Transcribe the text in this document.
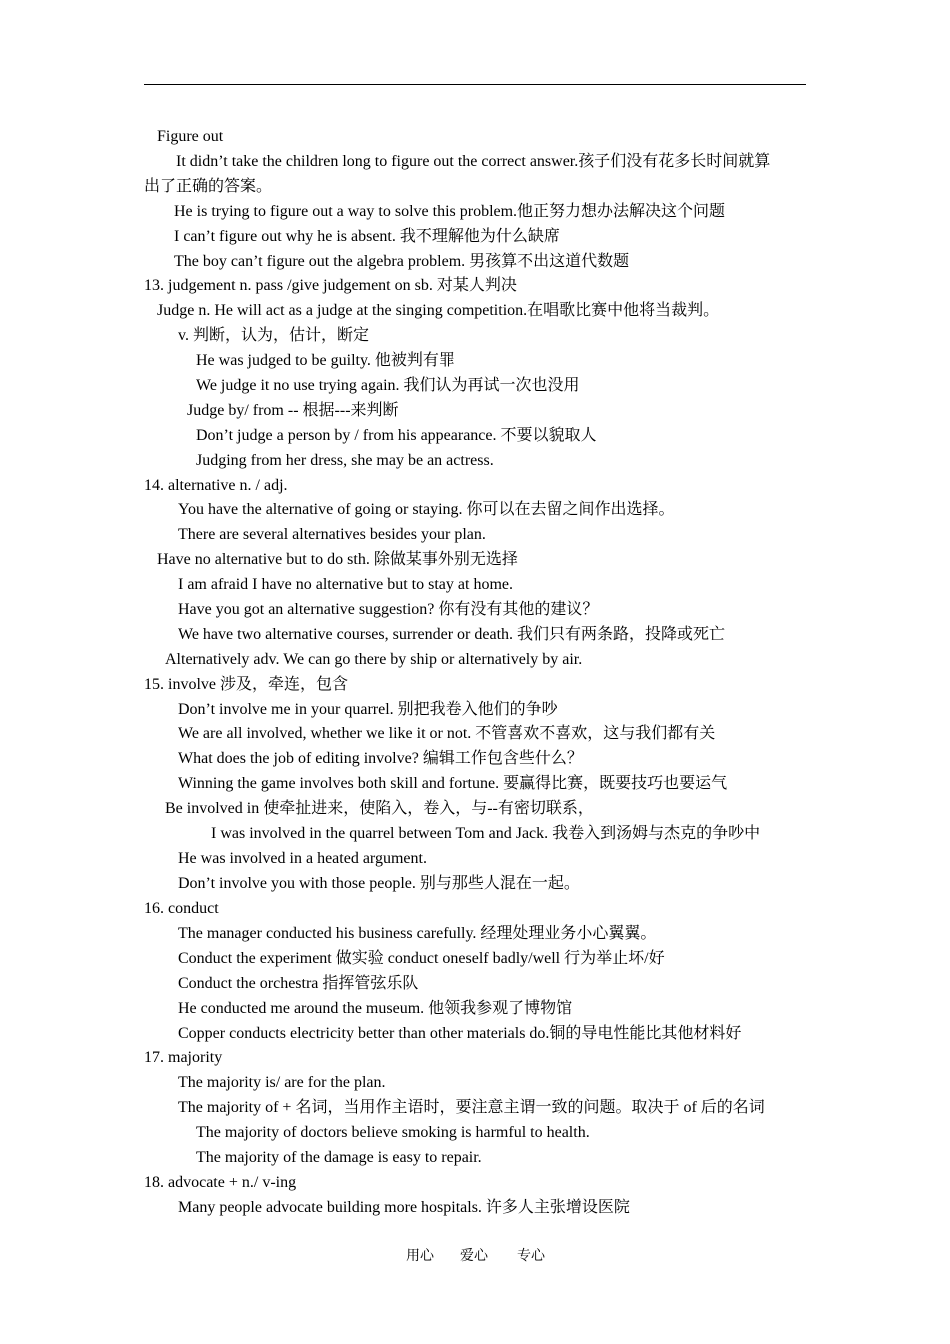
Figure out
It didn’t take the children long to figure out the correct answer.孩子们没有花多长时间就算
出了正确的答案。
He is trying to figure out a way to solve this problem.他正努力想办法解决这个问题
I can’t figure out why he is absent. 我不理解他为什么缺席
The boy can’t figure out the algebra problem. 男孩算不出这道代数题
13. judgement n. pass /give judgement on sb. 对某人判决
Judge n. He will act as a judge at the singing competition.在唱歌比赛中他将当裁判。
v. 判断，认为，估计，断定
He was judged to be guilty. 他被判有罪
We judge it no use trying again. 我们认为再试一次也没用
Judge by/ from -- 根据---来判断
Don’t judge a person by / from his appearance. 不要以貌取人
Judging from her dress, she may be an actress.
14. alternative n. / adj.
You have the alternative of going or staying. 你可以在去留之间作出选择。
There are several alternatives besides your plan.
Have no alternative but to do sth. 除做某事外别无选择
I am afraid I have no alternative but to stay at home.
Have you got an alternative suggestion? 你有没有其他的建议？
We have two alternative courses, surrender or death. 我们只有两条路，投降或死亡
Alternatively adv. We can go there by ship or alternatively by air.
15. involve 涉及，牵连，包含
Don’t involve me in your quarrel. 别把我卷入他们的争吵
We are all involved, whether we like it or not. 不管喜欢不喜欢，这与我们都有关
What does the job of editing involve? 编辑工作包含些什么？
Winning the game involves both skill and fortune. 要赢得比赛，既要技巧也要运气
Be involved in 使牵扯进来，使陷入，卷入，与--有密切联系，
I was involved in the quarrel between Tom and Jack. 我卷入到汤姆与杰克的争吵中
He was involved in a heated argument.
Don’t involve you with those people. 别与那些人混在一起。
16. conduct
The manager conducted his business carefully. 经理处理业务小心翼翼。
Conduct the experiment 做实验 conduct oneself badly/well 行为举止坏/好
Conduct the orchestra 指挥管弦乐队
He conducted me around the museum. 他领我参观了博物馆
Copper conducts electricity better than other materials do.铜的导电性能比其他材料好
17. majority
The majority is/ are for the plan.
The majority of + 名词，当用作主语时，要注意主谓一致的问题。取决于 of 后的名词
The majority of doctors believe smoking is harmful to health.
The majority of the damage is easy to repair.
18. advocate + n./ v-ing
Many people advocate building more hospitals. 许多人主张增设医院
用心 爱心 专心
